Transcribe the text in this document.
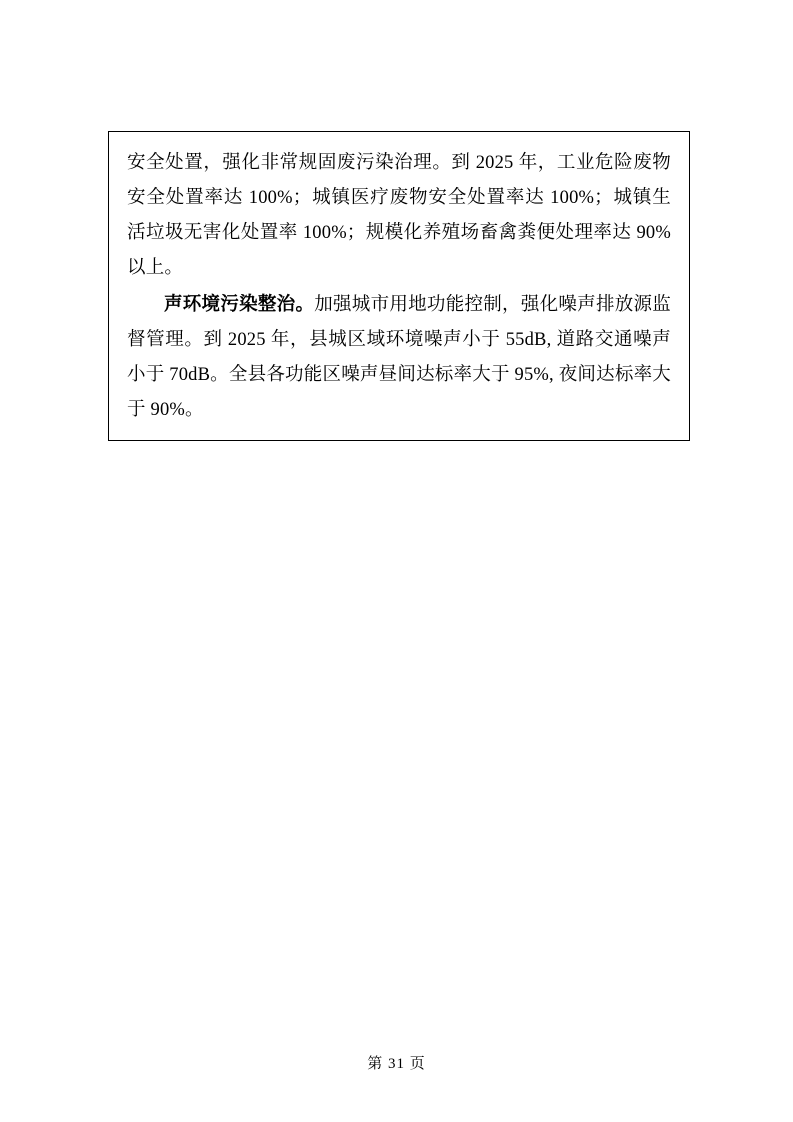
安全处置，强化非常规固废污染治理。到 2025 年，工业危险废物安全处置率达 100%；城镇医疗废物安全处置率达 100%；城镇生活垃圾无害化处置率 100%；规模化养殖场畜禽粪便处理率达 90%以上。

声环境污染整治。加强城市用地功能控制，强化噪声排放源监督管理。到 2025 年，县城区域环境噪声小于 55dB, 道路交通噪声小于 70dB。全县各功能区噪声昼间达标率大于 95%, 夜间达标率大于 90%。

第 31 页
